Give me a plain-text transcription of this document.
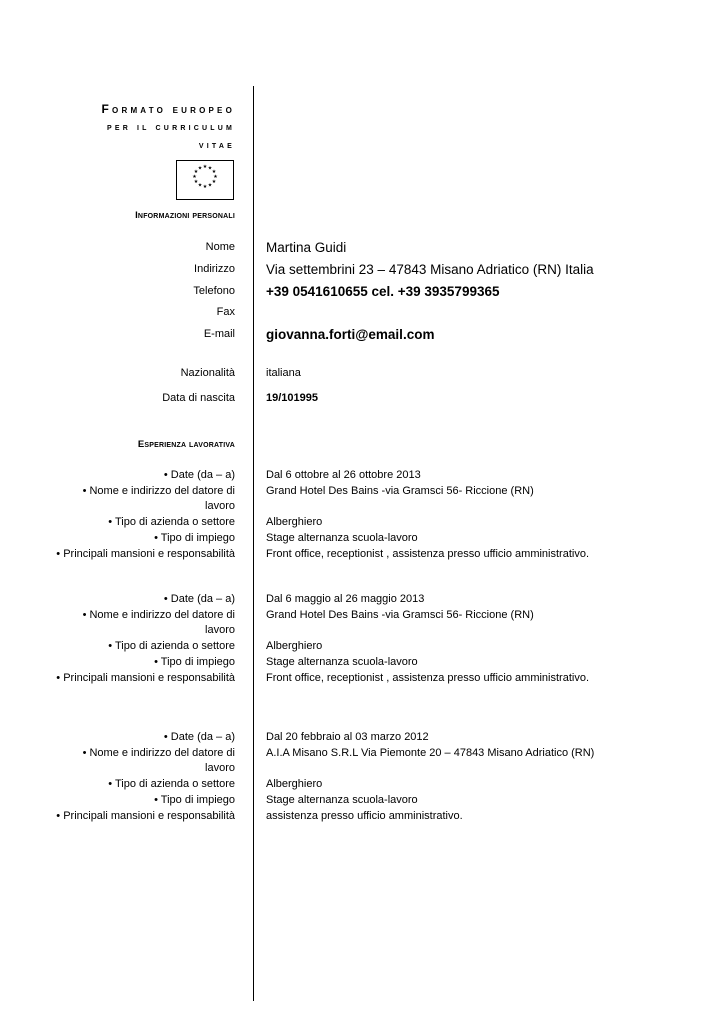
Formato europeo
per il curriculum
vitae
★ ★
★
★
★
★
★
★
★
★
★
★
Informazioni personali
Nome Martina Guidi
Indirizzo Via settembrini 23 – 47843 Misano Adriatico (RN) Italia
Telefono +39 0541610655 cel. +39 3935799365
Fax
E-mail giovanna.forti@email.com
Nazionalità	italiana
Data di nascita	19/101995
Esperienza lavorativa
• Date (da – a)	Dal 6 ottobre al 26 ottobre 2013
• Nome e indirizzo del datore di lavoro
Grand Hotel Des Bains -via Gramsci 56- Riccione (RN)
• Tipo di azienda o settore	Alberghiero
• Tipo di impiego	Stage alternanza scuola-lavoro
• Principali mansioni e responsabilità	Front office, receptionist , assistenza presso ufficio amministrativo.
• Date (da – a)	Dal 6 maggio al 26 maggio 2013
• Nome e indirizzo del datore di lavoro
Grand Hotel Des Bains -via Gramsci 56- Riccione (RN)
• Tipo di azienda o settore	Alberghiero
• Tipo di impiego	Stage alternanza scuola-lavoro
• Principali mansioni e responsabilità	Front office, receptionist , assistenza presso ufficio amministrativo.
• Date (da – a)	Dal 20 febbraio al 03 marzo 2012
• Nome e indirizzo del datore di lavoro
A.I.A Misano S.R.L Via Piemonte 20 – 47843 Misano Adriatico (RN)
• Tipo di azienda o settore	Alberghiero
• Tipo di impiego	Stage alternanza scuola-lavoro
• Principali mansioni e responsabilità	assistenza presso ufficio amministrativo.
